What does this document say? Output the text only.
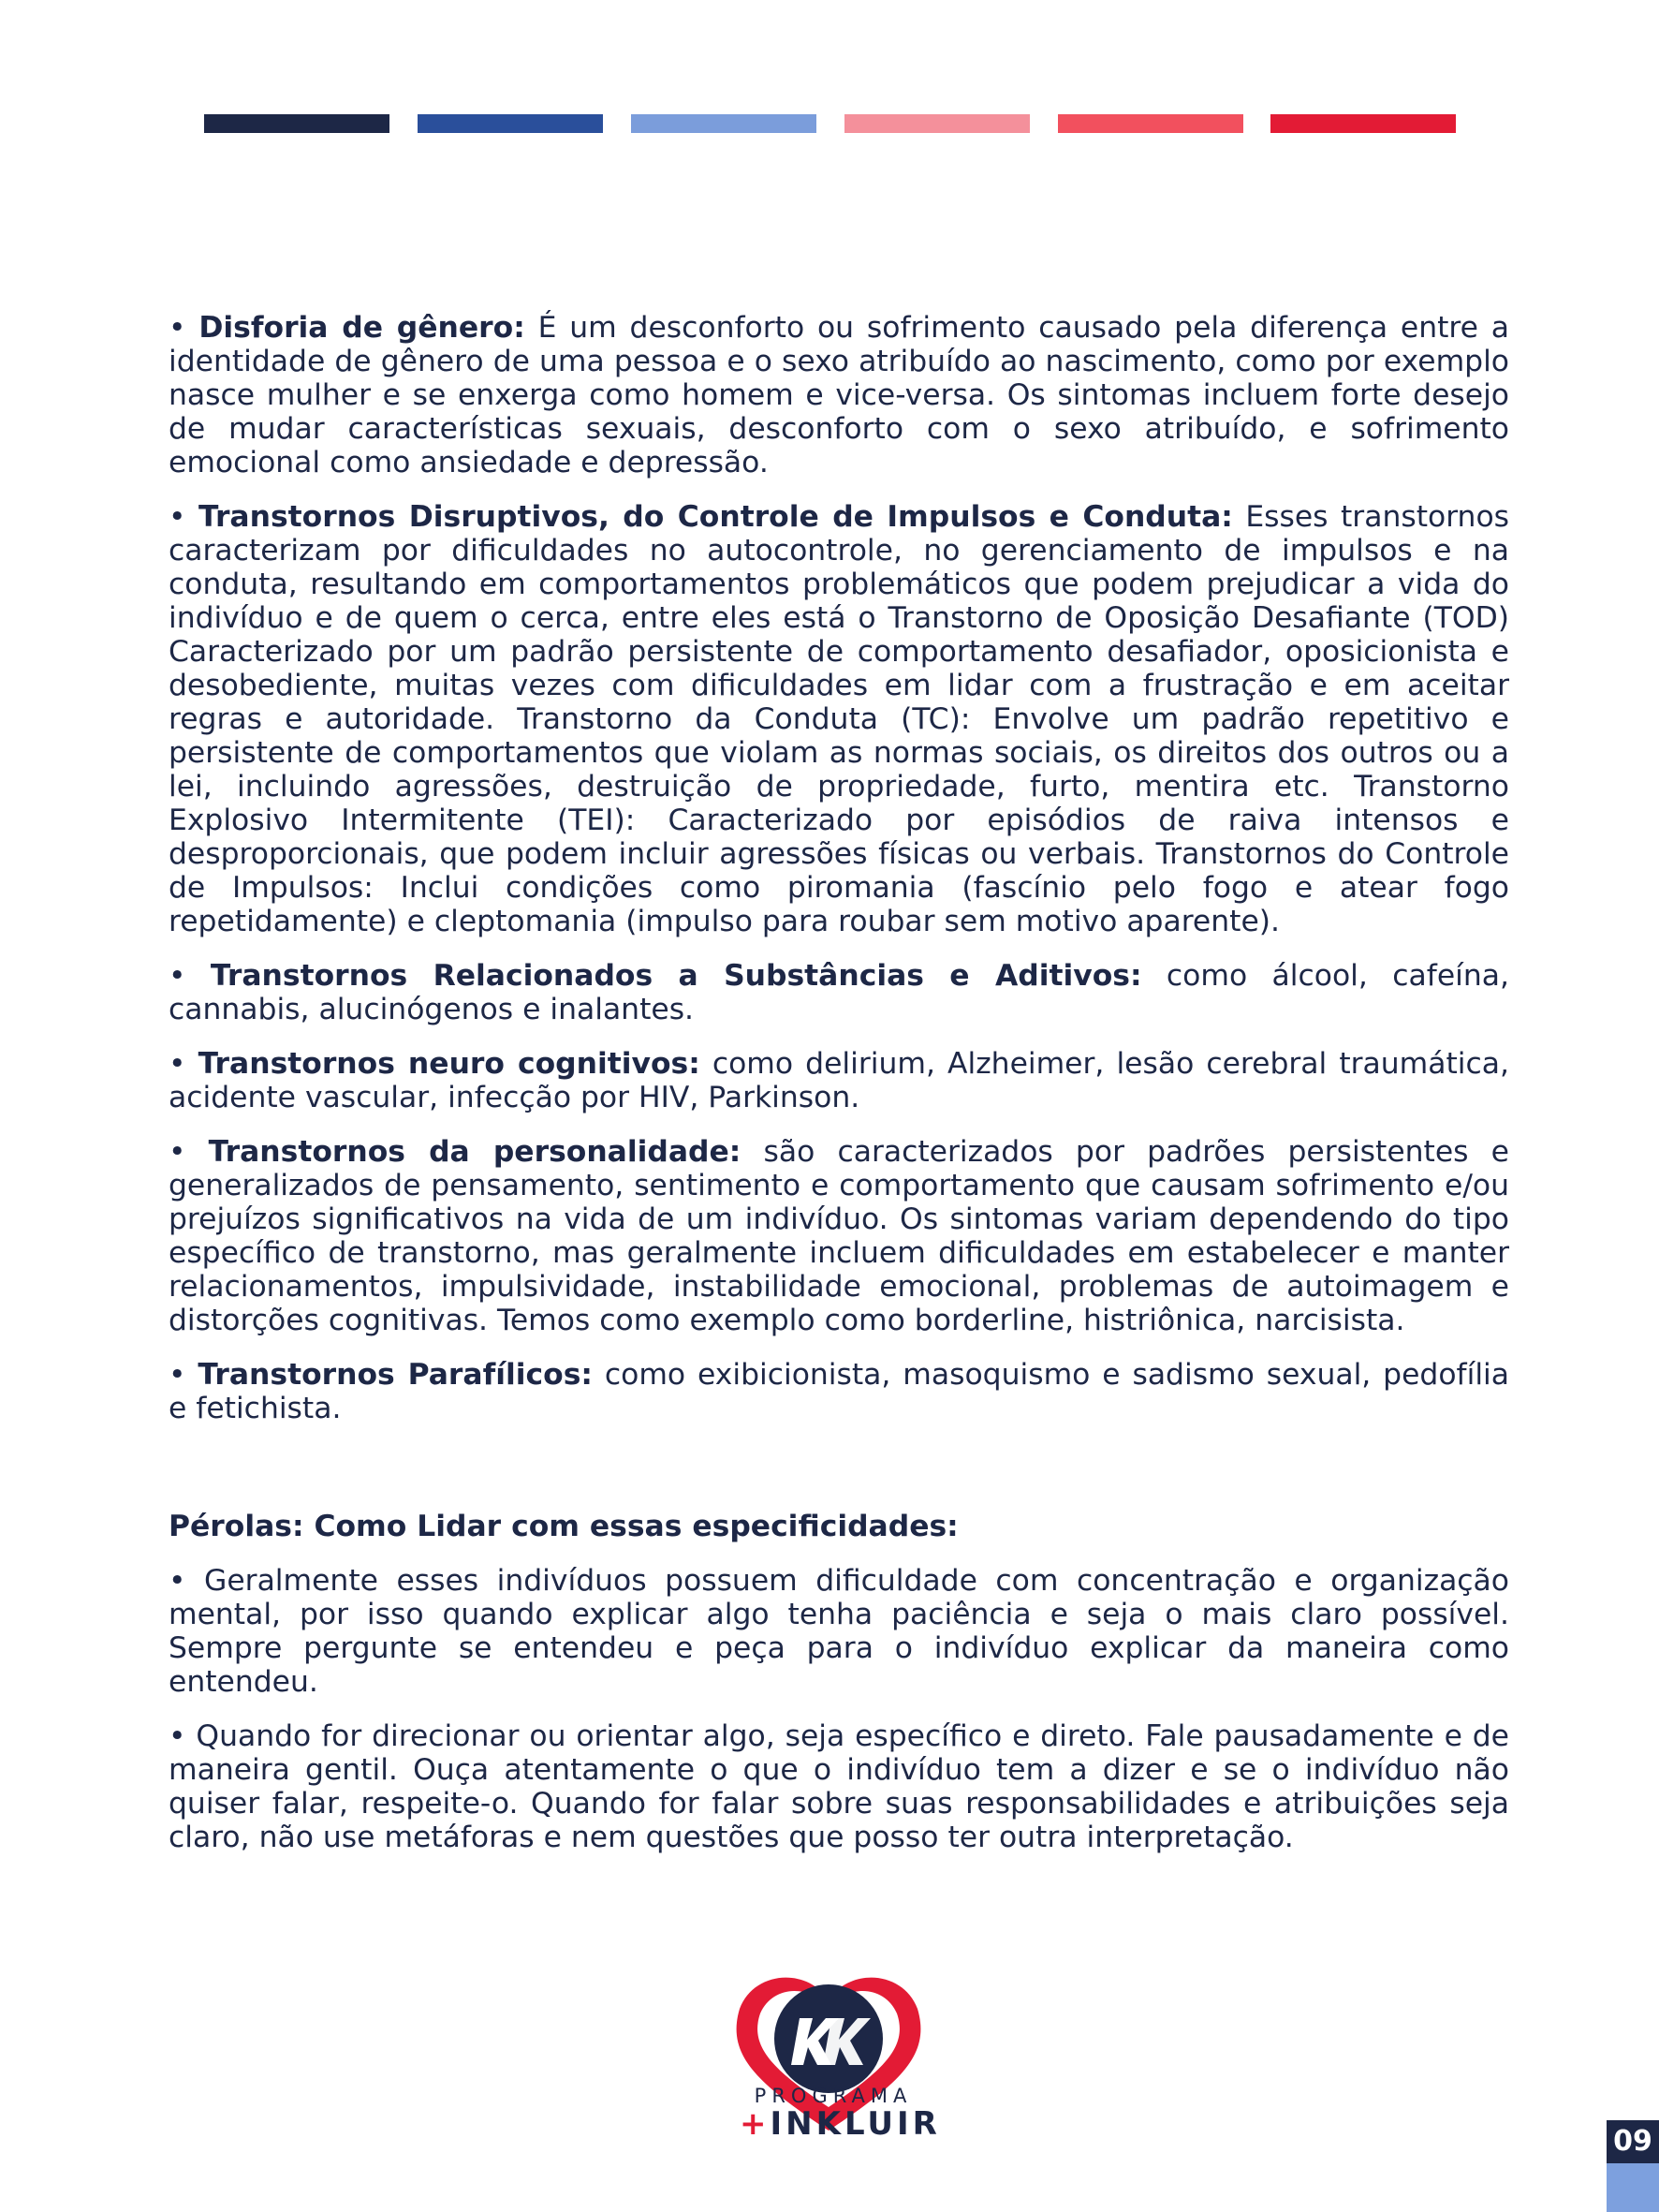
• Disforia de gênero: É um desconforto ou sofrimento causado pela diferença entre a identidade de gênero de uma pessoa e o sexo atribuído ao nascimento, como por exemplo nasce mulher e se enxerga como homem e vice-versa. Os sintomas incluem forte desejo de mudar características sexuais, desconforto com o sexo atribuído, e sofrimento emocional como ansiedade e depressão.

• Transtornos Disruptivos, do Controle de Impulsos e Conduta: Esses transtornos caracterizam por dificuldades no autocontrole, no gerenciamento de impulsos e na conduta, resultando em comportamentos problemáticos que podem prejudicar a vida do indivíduo e de quem o cerca, entre eles está o Transtorno de Oposição Desafiante (TOD) Caracterizado por um padrão persistente de comportamento desafiador, oposicionista e desobediente, muitas vezes com dificuldades em lidar com a frustração e em aceitar regras e autoridade. Transtorno da Conduta (TC): Envolve um padrão repetitivo e persistente de comportamentos que violam as normas sociais, os direitos dos outros ou a lei, incluindo agressões, destruição de propriedade, furto, mentira etc. Transtorno Explosivo Intermitente (TEI): Caracterizado por episódios de raiva intensos e desproporcionais, que podem incluir agressões físicas ou verbais. Transtornos do Controle de Impulsos: Inclui condições como piromania (fascínio pelo fogo e atear fogo repetidamente) e cleptomania (impulso para roubar sem motivo aparente).

• Transtornos Relacionados a Substâncias e Aditivos: como álcool, cafeína, cannabis, alucinógenos e inalantes.

• Transtornos neuro cognitivos: como delirium, Alzheimer, lesão cerebral traumática, acidente vascular, infecção por HIV, Parkinson.

• Transtornos da personalidade: são caracterizados por padrões persistentes e generalizados de pensamento, sentimento e comportamento que causam sofrimento e/ou prejuízos significativos na vida de um indivíduo. Os sintomas variam dependendo do tipo específico de transtorno, mas geralmente incluem dificuldades em estabelecer e manter relacionamentos, impulsividade, instabilidade emocional, problemas de autoimagem e distorções cognitivas. Temos como exemplo como borderline, histriônica, narcisista.

• Transtornos Parafílicos: como exibicionista, masoquismo e sadismo sexual, pedofília e fetichista.

Pérolas: Como Lidar com essas especificidades:

• Geralmente esses indivíduos possuem dificuldade com concentração e organização mental, por isso quando explicar algo tenha paciência e seja o mais claro possível. Sempre pergunte se entendeu e peça para o indivíduo explicar da maneira como entendeu.

• Quando for direcionar ou orientar algo, seja específico e direto. Fale pausadamente e de maneira gentil. Ouça atentamente o que o indivíduo tem a dizer e se o indivíduo não quiser falar, respeite-o. Quando for falar sobre suas responsabilidades e atribuições seja claro, não use metáforas e nem questões que posso ter outra interpretação.

PROGRAMA
+INKLUIR	09
